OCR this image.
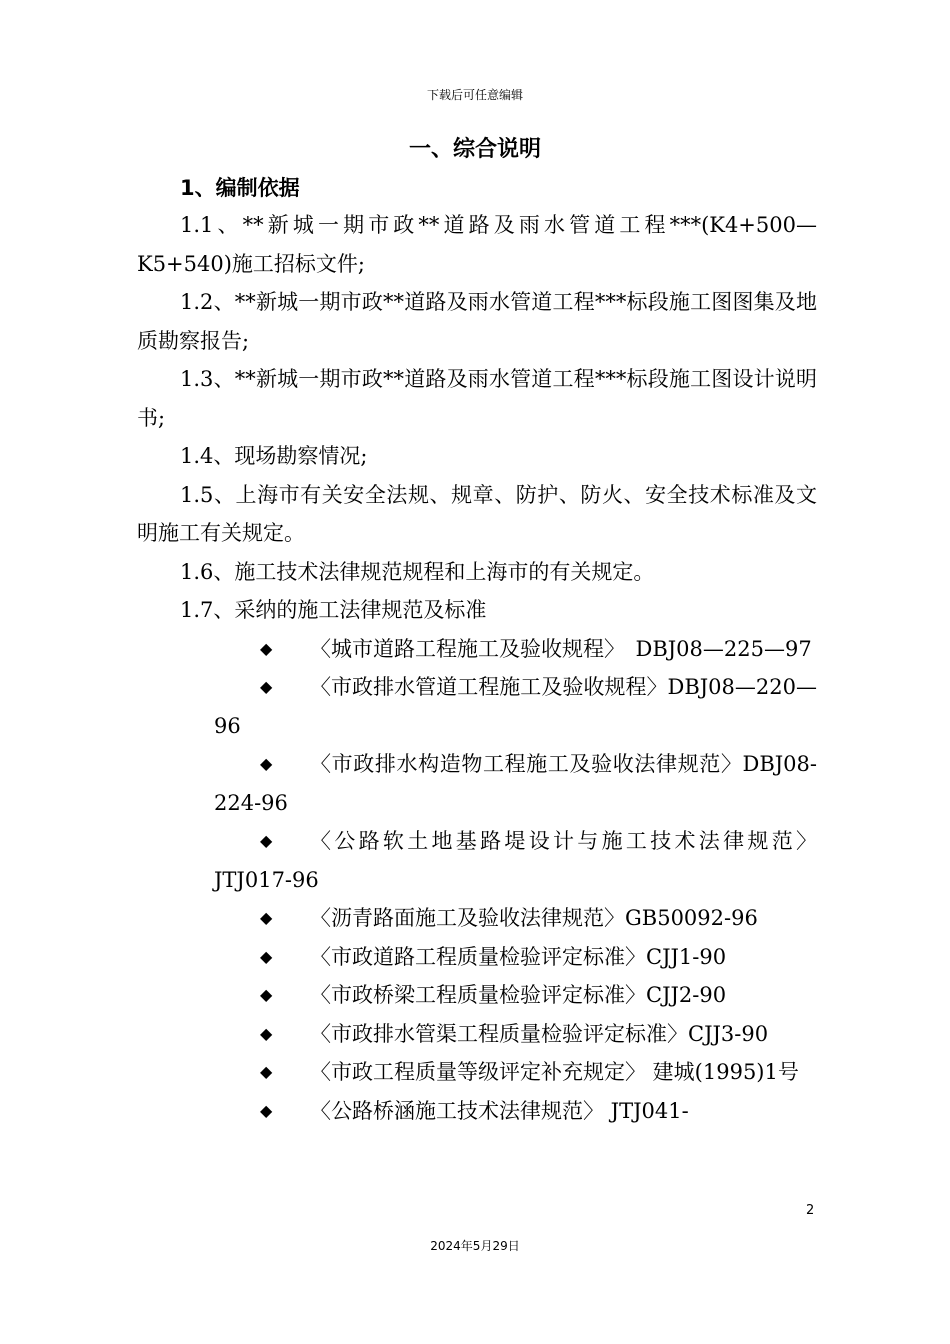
下载后可任意编辑
一、综合说明
1、编制依据

1.1、**新城一期市政**道路及雨水管道工程***(K4+500—K5+540)施工招标文件;

1.2、**新城一期市政**道路及雨水管道工程***标段施工图图集及地质勘察报告;

1.3、**新城一期市政**道路及雨水管道工程***标段施工图设计说明书;

1.4、现场勘察情况;

1.5、上海市有关安全法规、规章、防护、防火、安全技术标准及文明施工有关规定。

1.6、施工技术法律规范规程和上海市的有关规定。

1.7、采纳的施工法律规范及标准

◆	〈城市道路工程施工及验收规程〉　DBJ08—225—97
◆	〈市政排水管道工程施工及验收规程〉DBJ08—220—96
◆	〈市政排水构造物工程施工及验收法律规范〉DBJ08-224-96
◆	〈公路软土地基路堤设计与施工技术法律规范〉JTJ017-96
◆	〈沥青路面施工及验收法律规范〉GB50092-96
◆	〈市政道路工程质量检验评定标准〉CJJ1-90
◆	〈市政桥梁工程质量检验评定标准〉CJJ2-90
◆	〈市政排水管渠工程质量检验评定标准〉CJJ3-90
◆	〈市政工程质量等级评定补充规定〉 建城(1995)1号
◆	〈公路桥涵施工技术法律规范〉 JTJ041-
2
2024年5月29日
